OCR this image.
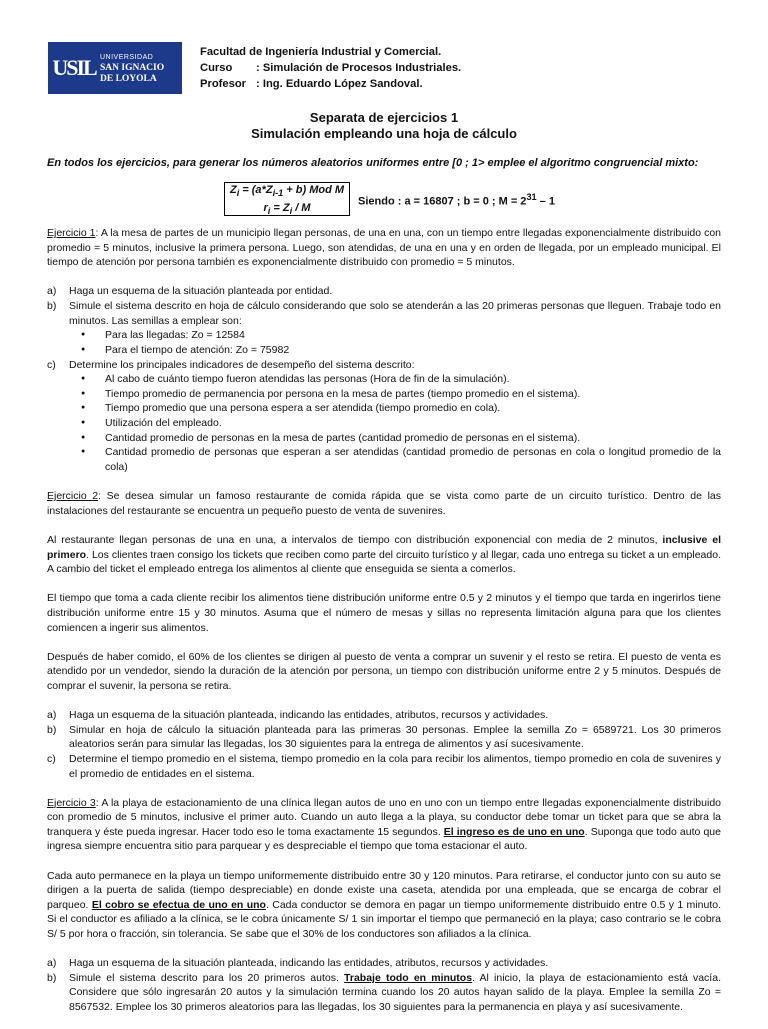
USIL UNIVERSIDAD
SAN IGNACIO
DE LOYOLA
Facultad de Ingeniería Industrial y Comercial.
Curso	: Simulación de Procesos Industriales.
Profesor : Ing. Eduardo López Sandoval.
Separata de ejercicios 1
Simulación empleando una hoja de cálculo
En todos los ejercicios, para generar los números aleatorios uniformes entre [0 ; 1> emplee el algoritmo congruencial mixto:
$Z_i = (a*Z_{i-1} + b)$ Mod M
$r_i = Z_i / M$
Siendo : a = 16807 ; b = 0 ; $M = 2^{31} - 1$

Ejercicio 1: A la mesa de partes de un municipio llegan personas, de una en una, con un tiempo entre llegadas exponencialmente distribuido con promedio = 5 minutos, inclusive la primera persona. Luego, son atendidas, de una en una y en orden de llegada, por un empleado municipal. El tiempo de atención por persona también es exponencialmente distribuido con promedio = 5 minutos.

a)	Haga un esquema de la situación planteada por entidad.
b)	Simule el sistema descrito en hoja de cálculo considerando que solo se atenderán a las 20 primeras personas que lleguen. Trabaje todo en minutos. Las semillas a emplear son:
●
Para las llegadas: Zo = 12584
●
Para el tiempo de atención: Zo = 75982
c)	Determine los principales indicadores de desempeño del sistema descrito:
●
Al cabo de cuánto tiempo fueron atendidas las personas (Hora de fin de la simulación).
●
Tiempo promedio de permanencia por persona en la mesa de partes (tiempo promedio en el sistema).
●
Tiempo promedio que una persona espera a ser atendida (tiempo promedio en cola).
●
Utilización del empleado.
●
Cantidad promedio de personas en la mesa de partes (cantidad promedio de personas en el sistema).
●
Cantidad promedio de personas que esperan a ser atendidas (cantidad promedio de personas en cola o longitud promedio de la cola)

Ejercicio 2: Se desea simular un famoso restaurante de comida rápida que se vista como parte de un circuito turístico. Dentro de las instalaciones del restaurante se encuentra un pequeño puesto de venta de suvenires.

Al restaurante llegan personas de una en una, a intervalos de tiempo con distribución exponencial con media de 2 minutos, inclusive el primero. Los clientes traen consigo los tickets que reciben como parte del circuito turístico y al llegar, cada uno entrega su ticket a un empleado. A cambio del ticket el empleado entrega los alimentos al cliente que enseguida se sienta a comerlos.

El tiempo que toma a cada cliente recibir los alimentos tiene distribución uniforme entre 0.5 y 2 minutos y el tiempo que tarda en ingerirlos tiene distribución uniforme entre 15 y 30 minutos. Asuma que el número de mesas y sillas no representa limitación alguna para que los clientes comiencen a ingerir sus alimentos.

Después de haber comido, el 60% de los clientes se dirigen al puesto de venta a comprar un suvenir y el resto se retira. El puesto de venta es atendido por un vendedor, siendo la duración de la atención por persona, un tiempo con distribución uniforme entre 2 y 5 minutos. Después de comprar el suvenir, la persona se retira.

a)	Haga un esquema de la situación planteada, indicando las entidades, atributos, recursos y actividades.
b)	Simular en hoja de cálculo la situación planteada para las primeras 30 personas. Emplee la semilla Zo = 6589721. Los 30 primeros aleatorios serán para simular las llegadas, los 30 siguientes para la entrega de alimentos y así sucesivamente.
c)	Determine el tiempo promedio en el sistema, tiempo promedio en la cola para recibir los alimentos, tiempo promedio en cola de suvenires y el promedio de entidades en el sistema.

Ejercicio 3: A la playa de estacionamiento de una clínica llegan autos de uno en uno con un tiempo entre llegadas exponencialmente distribuido con promedio de 5 minutos, inclusive el primer auto. Cuando un auto llega a la playa, su conductor debe tomar un ticket para que se abra la tranquera y éste pueda ingresar. Hacer todo eso le toma exactamente 15 segundos. El ingreso es de uno en uno. Suponga que todo auto que ingresa siempre encuentra sitio para parquear y es despreciable el tiempo que toma estacionar el auto.

Cada auto permanece en la playa un tiempo uniformemente distribuido entre 30 y 120 minutos. Para retirarse, el conductor junto con su auto se dirigen a la puerta de salida (tiempo despreciable) en donde existe una caseta, atendida por una empleada, que se encarga de cobrar el parqueo. El cobro se efectua de uno en uno. Cada conductor se demora en pagar un tiempo uniformemente distribuido entre 0.5 y 1 minuto. Si el conductor es afiliado a la clínica, se le cobra únicamente S/ 1 sin importar el tiempo que permaneció en la playa; caso contrario se le cobra S/ 5 por hora o fracción, sin tolerancia. Se sabe que el 30% de los conductores son afiliados a la clínica.

a)	Haga un esquema de la situación planteada, indicando las entidades, atributos, recursos y actividades.
b)	Simule el sistema descrito para los 20 primeros autos. Trabaje todo en minutos. Al inicio, la playa de estacionamiento está vacía. Considere que sólo ingresarán 20 autos y la simulación termina cuando los 20 autos hayan salido de la playa. Emplee la semilla Zo = 8567532. Emplee los 30 primeros aleatorios para las llegadas, los 30 siguientes para la permanencia en playa y así sucesivamente.
